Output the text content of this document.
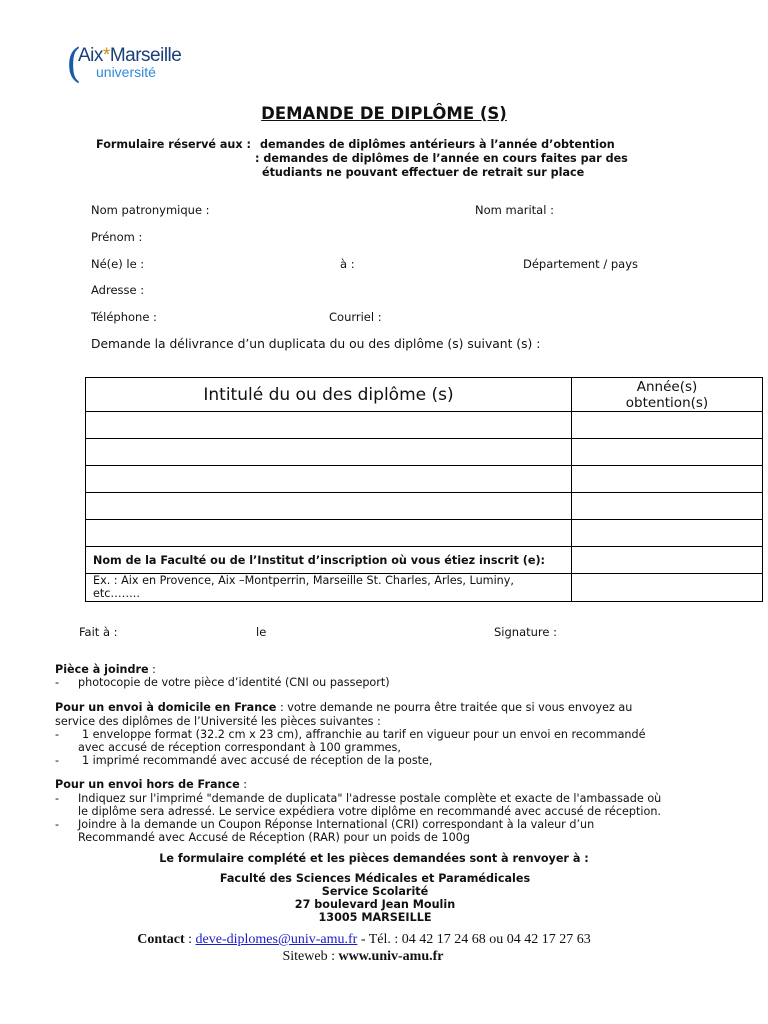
(
Aix*Marseille
université
DEMANDE DE DIPLÔME (S)
Formulaire réservé aux : demandes de diplômes antérieurs à l’année d’obtention
: demandes de diplômes de l’année en cours faites par des
étudiants ne pouvant effectuer de retrait sur place
Nom patronymique :	Nom marital :
Prénom :
Né(e) le :	à :	Département / pays
Adresse :
Téléphone :	Courriel :
Demande la délivrance d’un duplicata du ou des diplôme (s) suivant (s) :
Intitulé du ou des diplôme (s)	Année(s)
obtention(s)

Nom de la Faculté ou de l’Institut d’inscription où vous étiez inscrit (e):	

Ex. : Aix en Provence, Aix –Montperrin, Marseille St. Charles, Arles, Luminy,
etc……..	

Fait à :	le	Signature :
Pièce à joindre :
- photocopie de votre pièce d’identité (CNI ou passeport)
Pour un envoi à domicile en France : votre demande ne pourra être traitée que si vous envoyez au
service des diplômes de l’Université les pièces suivantes :
- 1 enveloppe format (32.2 cm x 23 cm), affranchie au tarif en vigueur pour un envoi en recommandé
avec accusé de réception correspondant à 100 grammes,
- 1 imprimé recommandé avec accusé de réception de la poste,
Pour un envoi hors de France :
- Indiquez sur l'imprimé "demande de duplicata" l'adresse postale complète et exacte de l'ambassade où
le diplôme sera adressé. Le service expédiera votre diplôme en recommandé avec accusé de réception.
- Joindre à la demande un Coupon Réponse International (CRI) correspondant à la valeur d’un
Recommandé avec Accusé de Réception (RAR) pour un poids de 100g
Le formulaire complété et les pièces demandées sont à renvoyer à :
Faculté des Sciences Médicales et Paramédicales
Service Scolarité
27 boulevard Jean Moulin
13005 MARSEILLE
Contact : deve-diplomes@univ-amu.fr - Tél. : 04 42 17 24 68 ou 04 42 17 27 63
Siteweb : www.univ-amu.fr
